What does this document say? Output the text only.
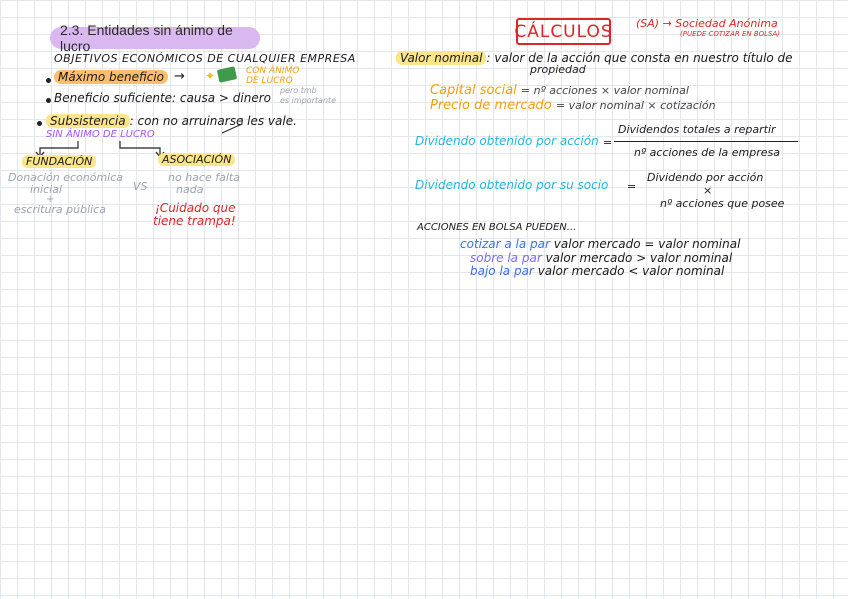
2.3. Entidades sin ánimo de lucro
OBJETIVOS ECONÓMICOS DE CUALQUIER EMPRESA
Máximo beneficio → ✦	CON ÁNIMO
DE LUCRO
Beneficio suficiente: causa > dinero
pero tmb
es importante
Subsistencia : con no arruinarse les vale.
SIN ÁNIMO DE LUCRO
FUNDACIÓN	ASOCIACIÓN
Donación económica
inicial
+
escritura pública
VS
no hace falta
nada
¡Cuidado que
tiene trampa!
CÁLCULOS (SA) → Sociedad Anónima
(PUEDE COTIZAR EN BOLSA)
Valor nominal : valor de la acción que consta en nuestro título de
propiedad
Capital social = nº acciones × valor nominal
Precio de mercado = valor nominal × cotización
Dividendo obtenido por acción =
Dividendos totales a repartir
nº acciones de la empresa
Dividendo obtenido por su socio =
Dividendo por acción
×
nº acciones que posee
ACCIONES EN BOLSA PUEDEN...
cotizar a la par valor mercado = valor nominal
sobre la par valor mercado > valor nominal
bajo la par valor mercado < valor nominal
